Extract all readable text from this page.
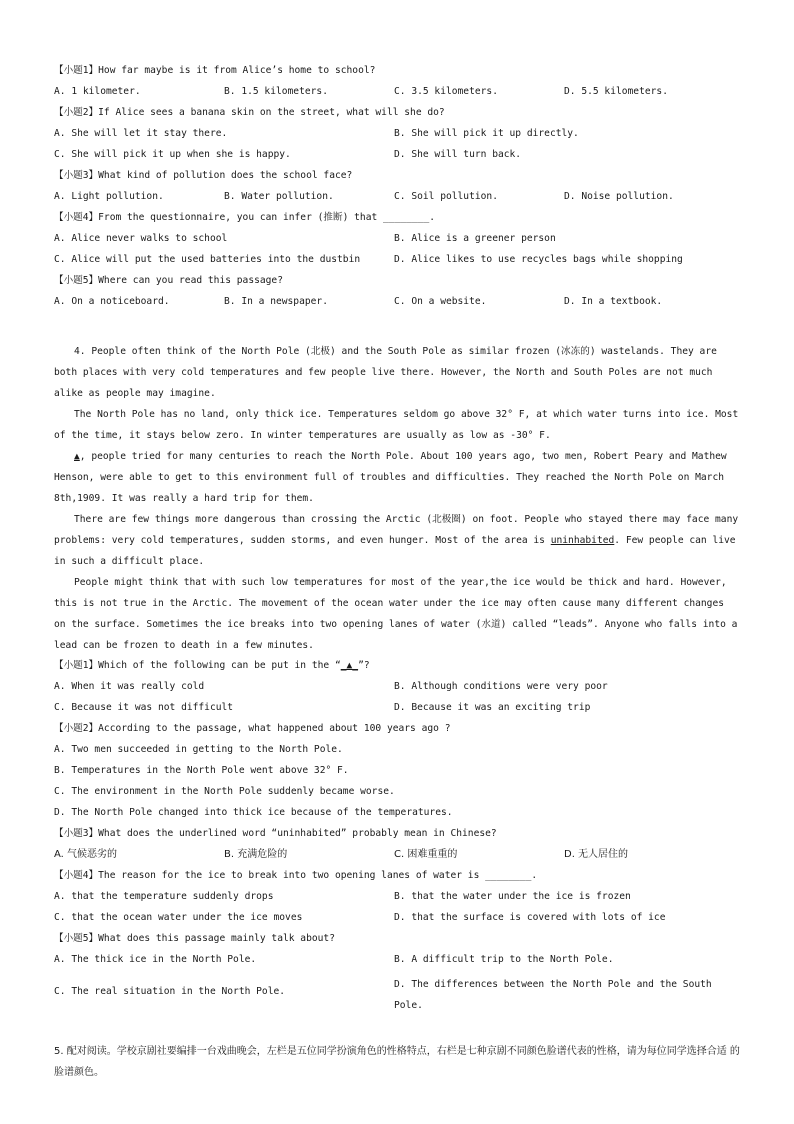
【小题1】How far maybe is it from Alice’s home to school?
A. 1 kilometer.	B. 1.5 kilometers.	C. 3.5 kilometers.	D. 5.5 kilometers.
【小题2】If Alice sees a banana skin on the street, what will she do?
A. She will let it stay there.	B. She will pick it up directly.
C. She will pick it up when she is happy.	D. She will turn back.
【小题3】What kind of pollution does the school face?
A. Light pollution.	B. Water pollution.	C. Soil pollution.	D. Noise pollution.
【小题4】From the questionnaire, you can infer (推断) that ________.
A. Alice never walks to school	B. Alice is a greener person
C. Alice will put the used batteries into the dustbin	D. Alice likes to use recycles bags while shopping
【小题5】Where can you read this passage?
A. On a noticeboard.	B. In a newspaper.	C. On a website.	D. In a textbook.
4. People often think of the North Pole (北极) and the South Pole as similar frozen (冰冻的) wastelands. They are both places with very cold temperatures and few people live there. However, the North and South Poles are not much alike as people may imagine.
The North Pole has no land, only thick ice. Temperatures seldom go above 32° F, at which water turns into ice. Most of the time, it stays below zero. In winter temperatures are usually as low as -30° F.
▲, people tried for many centuries to reach the North Pole. About 100 years ago, two men, Robert Peary and Mathew Henson, were able to get to this environment full of troubles and difficulties. They reached the North Pole on March 8th,1909. It was really a hard trip for them.
There are few things more dangerous than crossing the Arctic (北极圈) on foot. People who stayed there may face many problems: very cold temperatures, sudden storms, and even hunger. Most of the area is uninhabited. Few people can live in such a difficult place.
People might think that with such low temperatures for most of the year,the ice would be thick and hard. However, this is not true in the Arctic. The movement of the ocean water under the ice may often cause many different changes on the surface. Sometimes the ice breaks into two opening lanes of water (水道) called “leads”. Anyone who falls into a lead can be frozen to death in a few minutes.
【小题1】Which of the following can be put in the “_▲_”?
A. When it was really cold	B. Although conditions were very poor
C. Because it was not difficult	D. Because it was an exciting trip
【小题2】According to the passage, what happened about 100 years ago ?
A. Two men succeeded in getting to the North Pole.
B. Temperatures in the North Pole went above 32° F.
C. The environment in the North Pole suddenly became worse.
D. The North Pole changed into thick ice because of the temperatures.
【小题3】What does the underlined word “uninhabited” probably mean in Chinese?
A. 气候恶劣的	B. 充满危险的	C. 困难重重的	D. 无人居住的
【小题4】The reason for the ice to break into two opening lanes of water is ________.
A. that the temperature suddenly drops	B. that the water under the ice is frozen
C. that the ocean water under the ice moves	D. that the surface is covered with lots of ice
【小题5】What does this passage mainly talk about?
A. The thick ice in the North Pole.	B. A difficult trip to the North Pole.
C. The real situation in the North Pole.
D. The differences between the North Pole and the South Pole.
5. 配对阅读。学校京剧社要编排一台戏曲晚会，左栏是五位同学扮演角色的性格特点，右栏是七种京剧不同颜色脸谱代表的性格，请为每位同学选择合适 的脸谱颜色。
